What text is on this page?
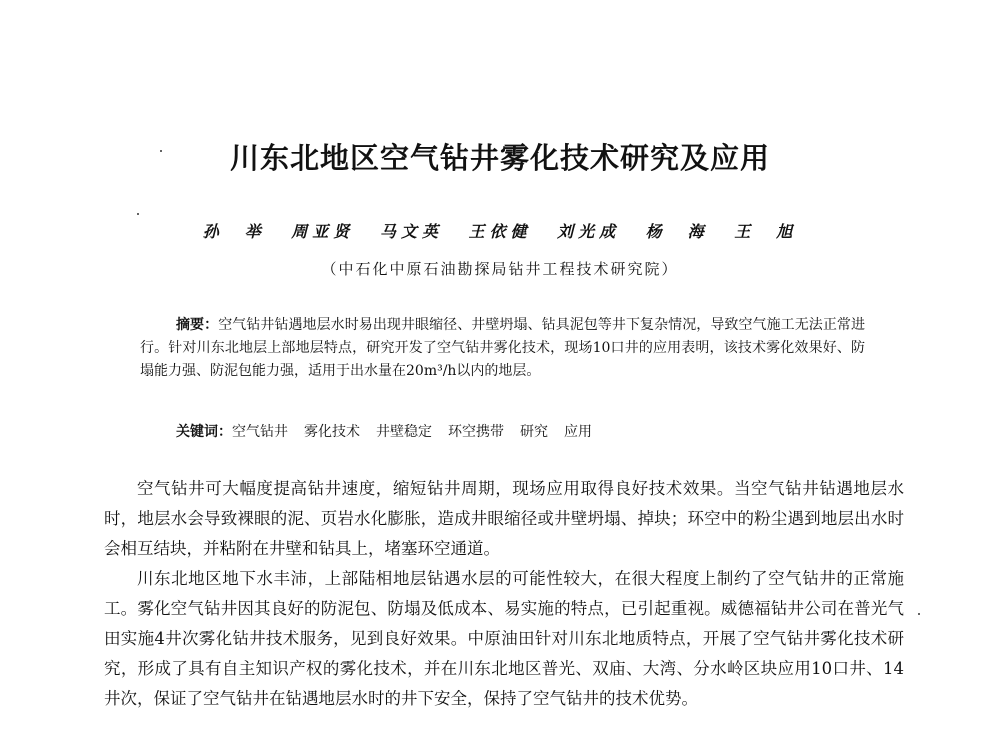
川东北地区空气钻井雾化技术研究及应用
孙　举 周亚贤 马文英 王依健 刘光成 杨　海 王　旭
（中石化中原石油勘探局钻井工程技术研究院）

摘要：空气钻井钻遇地层水时易出现井眼缩径、井壁坍塌、钻具泥包等井下复杂情况，导致空气施工无法正常进行。针对川东北地层上部地层特点，研究开发了空气钻井雾化技术，现场10口井的应用表明，该技术雾化效果好、防塌能力强、防泥包能力强，适用于出水量在20m³/h以内的地层。

关键词：空气钻井 雾化技术 井壁稳定 环空携带 研究 应用

空气钻井可大幅度提高钻井速度，缩短钻井周期，现场应用取得良好技术效果。当空气钻井钻遇地层水时，地层水会导致裸眼的泥、页岩水化膨胀，造成井眼缩径或井壁坍塌、掉块；环空中的粉尘遇到地层出水时会相互结块，并粘附在井壁和钻具上，堵塞环空通道。

川东北地区地下水丰沛，上部陆相地层钻遇水层的可能性较大，在很大程度上制约了空气钻井的正常施工。雾化空气钻井因其良好的防泥包、防塌及低成本、易实施的特点，已引起重视。威德福钻井公司在普光气田实施4井次雾化钻井技术服务，见到良好效果。中原油田针对川东北地质特点，开展了空气钻井雾化技术研究，形成了具有自主知识产权的雾化技术，并在川东北地区普光、双庙、大湾、分水岭区块应用10口井、14井次，保证了空气钻井在钻遇地层水时的井下安全，保持了空气钻井的技术优势。
